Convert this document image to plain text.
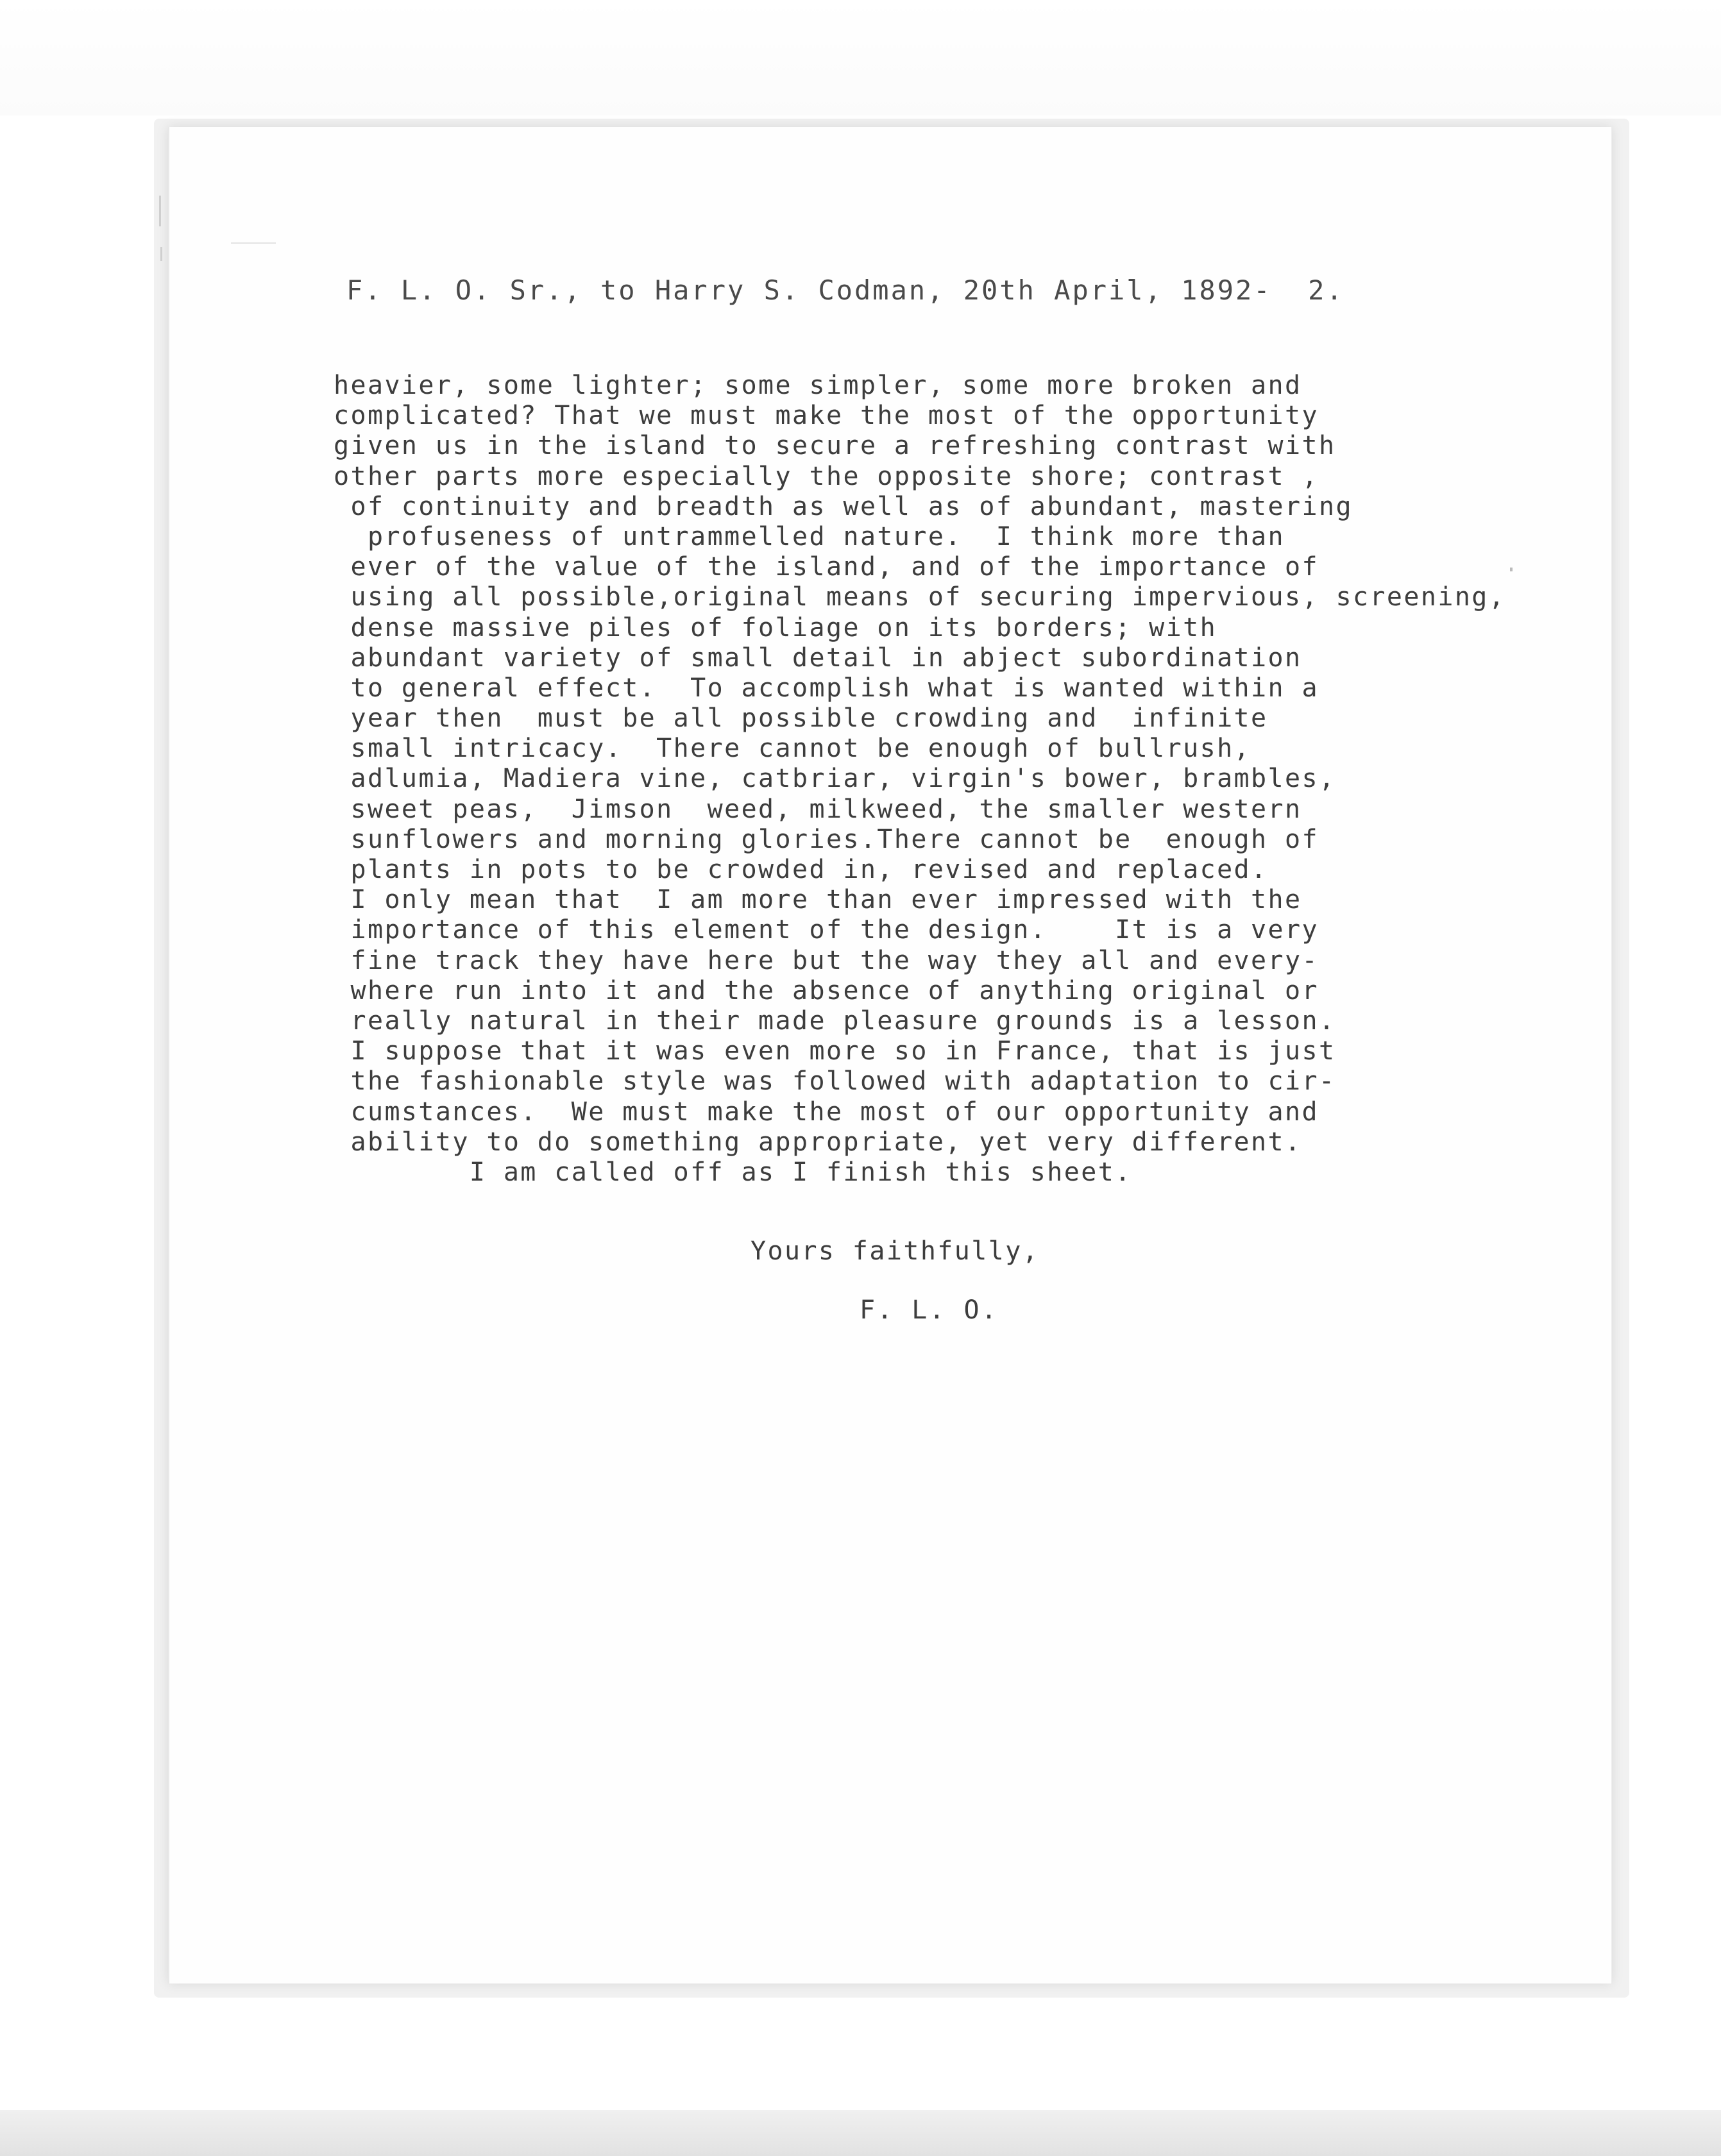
F. L. O. Sr., to Harry S. Codman, 20th April, 1892-  2.
heavier, some lighter; some simpler, some more broken and
complicated? That we must make the most of the opportunity
given us in the island to secure a refreshing contrast with
other parts more especially the opposite shore; contrast ,
of continuity and breadth as well as of abundant, mastering
profuseness of untrammelled nature.  I think more than
ever of the value of the island, and of the importance of
using all possible,original means of securing impervious, screening,
dense massive piles of foliage on its borders; with
abundant variety of small detail in abject subordination
to general effect.  To accomplish what is wanted within a
year then  must be all possible crowding and  infinite
small intricacy.  There cannot be enough of bullrush,
adlumia, Madiera vine, catbriar, virgin's bower, brambles,
sweet peas,  Jimson  weed, milkweed, the smaller western
sunflowers and morning glories.There cannot be  enough of
plants in pots to be crowded in, revised and replaced.
I only mean that  I am more than ever impressed with the
importance of this element of the design.    It is a very
fine track they have here but the way they all and every-
where run into it and the absence of anything original or
really natural in their made pleasure grounds is a lesson.
I suppose that it was even more so in France, that is just
the fashionable style was followed with adaptation to cir-
cumstances.  We must make the most of our opportunity and
ability to do something appropriate, yet very different.
I am called off as I finish this sheet.
Yours faithfully,
F. L. O.
